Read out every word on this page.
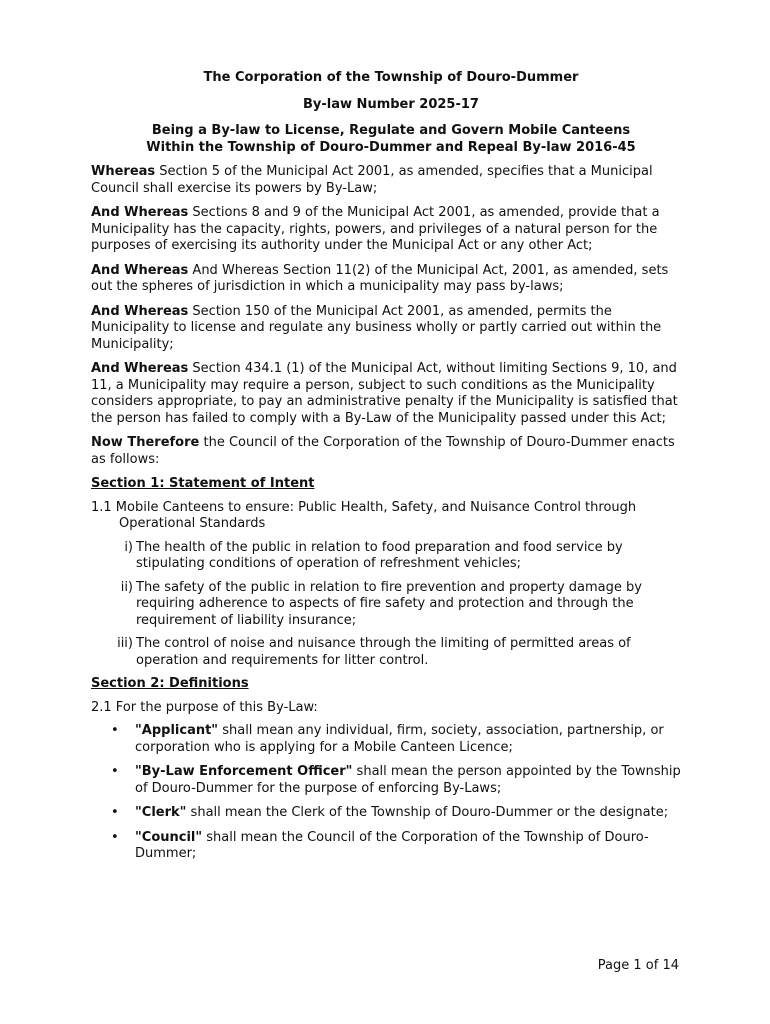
The Corporation of the Township of Douro-Dummer
By-law Number 2025-17
Being a By-law to License, Regulate and Govern Mobile Canteens
Within the Township of Douro-Dummer and Repeal By-law 2016-45

Whereas Section 5 of the Municipal Act 2001, as amended, specifies that a Municipal Council shall exercise its powers by By-Law;

And Whereas Sections 8 and 9 of the Municipal Act 2001, as amended, provide that a Municipality has the capacity, rights, powers, and privileges of a natural person for the purposes of exercising its authority under the Municipal Act or any other Act;

And Whereas And Whereas Section 11(2) of the Municipal Act, 2001, as amended, sets out the spheres of jurisdiction in which a municipality may pass by-laws;

And Whereas Section 150 of the Municipal Act 2001, as amended, permits the Municipality to license and regulate any business wholly or partly carried out within the Municipality;

And Whereas Section 434.1 (1) of the Municipal Act, without limiting Sections 9, 10, and 11, a Municipality may require a person, subject to such conditions as the Municipality considers appropriate, to pay an administrative penalty if the Municipality is satisfied that the person has failed to comply with a By-Law of the Municipality passed under this Act;

Now Therefore the Council of the Corporation of the Township of Douro-Dummer enacts as follows:

Section 1: Statement of Intent
1.1 Mobile Canteens to ensure: Public Health, Safety, and Nuisance Control through Operational Standards
i) The health of the public in relation to food preparation and food service by stipulating conditions of operation of refreshment vehicles;
ii) The safety of the public in relation to fire prevention and property damage by requiring adherence to aspects of fire safety and protection and through the requirement of liability insurance;
iii) The control of noise and nuisance through the limiting of permitted areas of operation and requirements for litter control.
Section 2: Definitions
2.1 For the purpose of this By-Law:
• "Applicant" shall mean any individual, firm, society, association, partnership, or corporation who is applying for a Mobile Canteen Licence;
• "By-Law Enforcement Officer" shall mean the person appointed by the Township of Douro-Dummer for the purpose of enforcing By-Laws;
• "Clerk" shall mean the Clerk of the Township of Douro-Dummer or the designate;
• "Council" shall mean the Council of the Corporation of the Township of Douro-Dummer;
Page 1 of 14
